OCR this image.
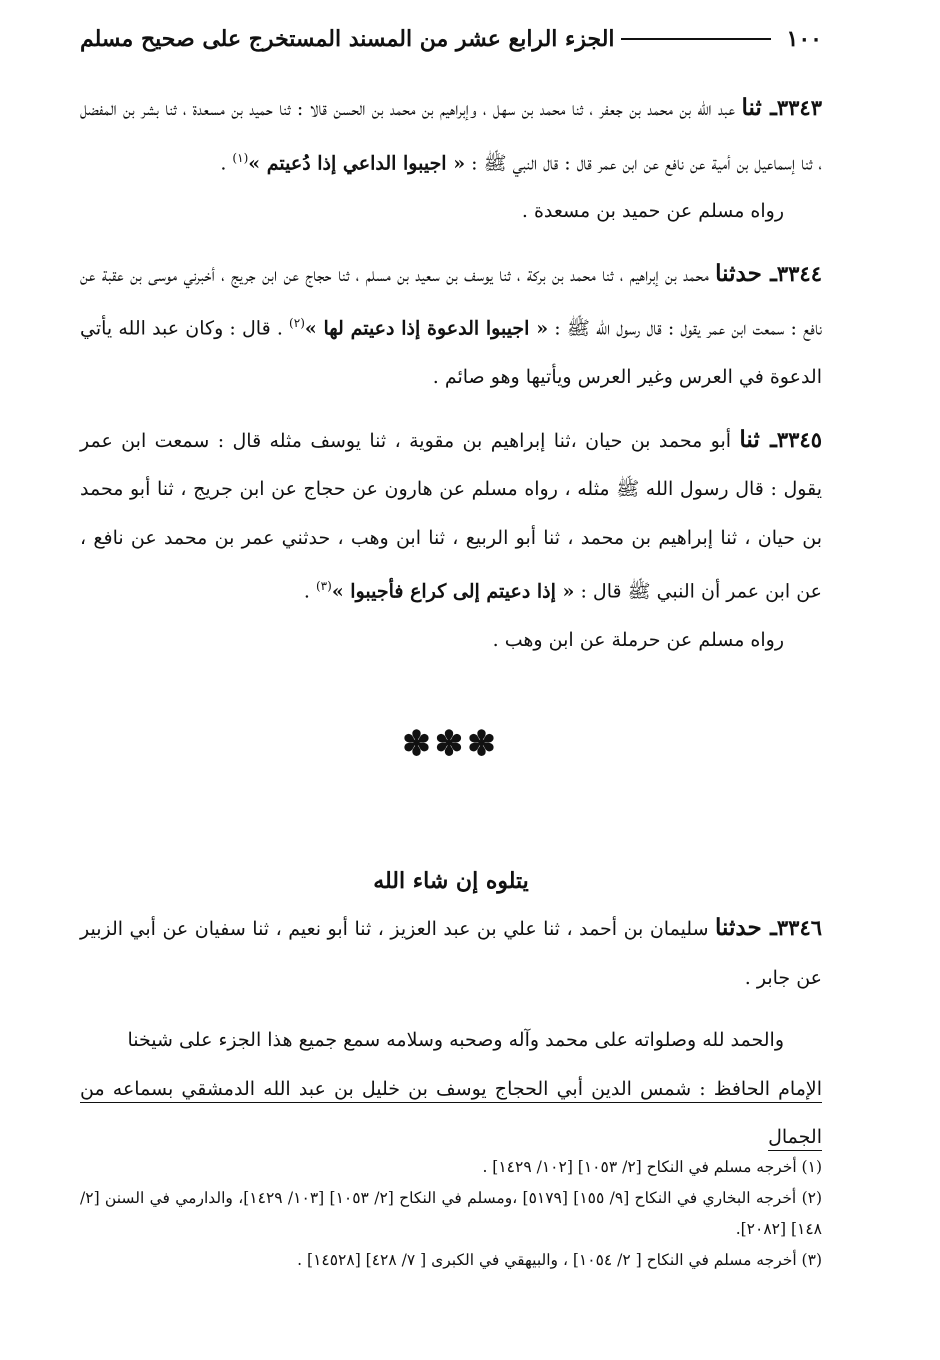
١٠٠
الجزء الرابع عشر من المسند المستخرج على صحيح مسلم

٣٣٤٣ـ ثنا عبد الله بن محمد بن جعفر ، ثنا محمد بن سهل ، وإبراهيم بن محمد بن الحسن قالا : ثنا حميد بن مسعدة ، ثنا بشر بن المفضل ، ثنا إسماعيل بن أمية عن نافع عن ابن عمر قال : قال النبي ﷺ : « اجيبوا الداعي إذا دُعيتم »$^{(١)}$ .

رواه مسلم عن حميد بن مسعدة .

٣٣٤٤ـ حدثنا محمد بن إبراهيم ، ثنا محمد بن بركة ، ثنا يوسف بن سعيد بن مسلم ، ثنا حجاج عن ابن جريج ، أخبرني موسى بن عقبة عن نافع : سمعت ابن عمر يقول : قال رسول الله ﷺ : « اجيبوا الدعوة إذا دعيتم لها »$^{(٢)}$ . قال : وكان عبد الله يأتي الدعوة في العرس وغير العرس ويأتيها وهو صائم .

٣٣٤٥ـ ثنا أبو محمد بن حيان ،ثنا إبراهيم بن مقوية ، ثنا يوسف مثله قال : سمعت ابن عمر يقول : قال رسول الله ﷺ مثله ، رواه مسلم عن هارون عن حجاج عن ابن جريج ، ثنا أبو محمد بن حيان ، ثنا إبراهيم بن محمد ، ثنا أبو الربيع ، ثنا ابن وهب ، حدثني عمر بن محمد عن نافع ، عن ابن عمر أن النبي ﷺ قال : « إذا دعيتم إلى كراع فأجيبوا »$^{(٣)}$ .

رواه مسلم عن حرملة عن ابن وهب .

✽✽✽
يتلوه إن شاء الله

٣٣٤٦ـ حدثنا سليمان بن أحمد ، ثنا علي بن عبد العزيز ، ثنا أبو نعيم ، ثنا سفيان عن أبي الزبير عن جابر .

والحمد لله وصلواته على محمد وآله وصحبه وسلامه سمع جميع هذا الجزء على شيخنا

الإمام الحافظ : شمس الدين أبي الحجاج يوسف بن خليل بن عبد الله الدمشقي بسماعه من الجمال

(١) أخرجه مسلم في النكاح [٢/ ١٠٥٣] [١٠٢/ ١٤٢٩] .

(٢) أخرجه البخاري في النكاح [٩/ ١٥٥] [٥١٧٩] ،ومسلم في النكاح [٢/ ١٠٥٣] [١٠٣/ ١٤٢٩]، والدارمي في السنن [٢/ ١٤٨] [٢٠٨٢].

(٣) أخرجه مسلم في النكاح [ ٢/ ١٠٥٤] ، والبيهقي في الكبرى [ ٧/ ٤٢٨] [١٤٥٢٨] .
